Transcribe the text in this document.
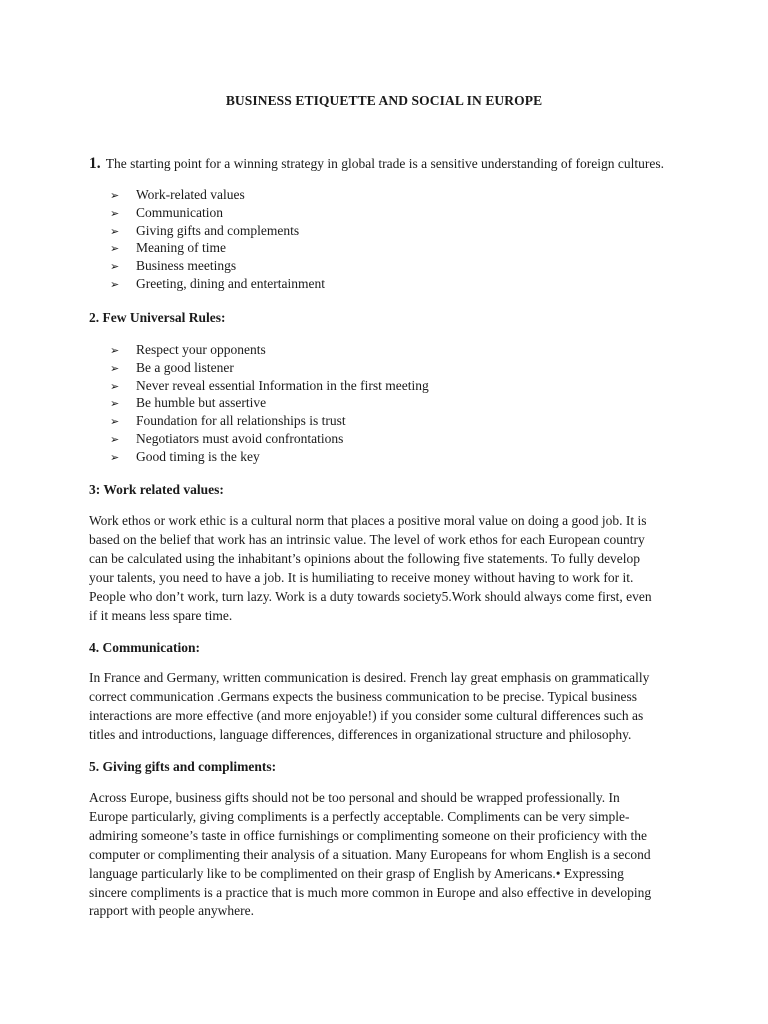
BUSINESS ETIQUETTE AND SOCIAL IN EUROPE
1. The starting point for a winning strategy in global trade is a sensitive understanding of foreign cultures.
➢ Work-related values
➢ Communication
➢ Giving gifts and complements
➢ Meaning of time
➢ Business meetings
➢ Greeting, dining and entertainment
2. Few Universal Rules:
➢ Respect your opponents
➢ Be a good listener
➢ Never reveal essential Information in the first meeting
➢ Be humble but assertive
➢ Foundation for all relationships is trust
➢ Negotiators must avoid confrontations
➢ Good timing is the key
3: Work related values:
Work ethos or work ethic is a cultural norm that places a positive moral value on doing a good job. It is
based on the belief that work has an intrinsic value. The level of work ethos for each European country
can be calculated using the inhabitant’s opinions about the following five statements. To fully develop
your talents, you need to have a job. It is humiliating to receive money without having to work for it.
People who don’t work, turn lazy. Work is a duty towards society5.Work should always come first, even
if it means less spare time.
4. Communication:
In France and Germany, written communication is desired. French lay great emphasis on grammatically
correct communication .Germans expects the business communication to be precise. Typical business
interactions are more effective (and more enjoyable!) if you consider some cultural differences such as
titles and introductions, language differences, differences in organizational structure and philosophy.
5. Giving gifts and compliments:
Across Europe, business gifts should not be too personal and should be wrapped professionally. In
Europe particularly, giving compliments is a perfectly acceptable. Compliments can be very simple-
admiring someone’s taste in office furnishings or complimenting someone on their proficiency with the
computer or complimenting their analysis of a situation. Many Europeans for whom English is a second
language particularly like to be complimented on their grasp of English by Americans.• Expressing
sincere compliments is a practice that is much more common in Europe and also effective in developing
rapport with people anywhere.
